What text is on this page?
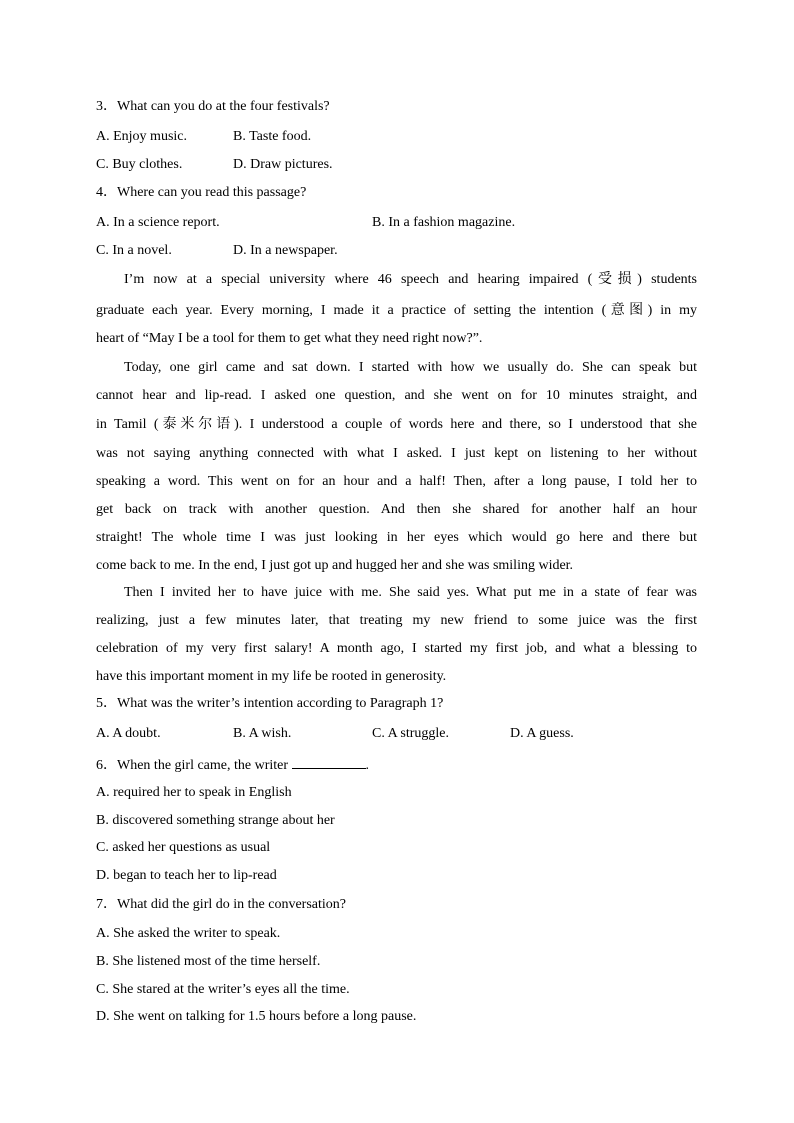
3．What can you do at the four festivals?
A. Enjoy music.	B. Taste food.
C. Buy clothes.	D. Draw pictures.
4．Where can you read this passage?
A. In a science report.	B. In a fashion magazine.
C. In a novel.	D. In a newspaper.
I’m now at a special university where 46 speech and hearing impaired (受损) students
graduate each year. Every morning, I made it a practice of setting the intention (意图) in my
heart of “May I be a tool for them to get what they need right now?”.
Today, one girl came and sat down. I started with how we usually do. She can speak but
cannot hear and lip-read. I asked one question, and she went on for 10 minutes straight, and
in Tamil (泰米尔语). I understood a couple of words here and there, so I understood that she
was not saying anything connected with what I asked. I just kept on listening to her without
speaking a word. This went on for an hour and a half! Then, after a long pause, I told her to
get back on track with another question. And then she shared for another half an hour
straight! The whole time I was just looking in her eyes which would go here and there but
come back to me. In the end, I just got up and hugged her and she was smiling wider.
Then I invited her to have juice with me. She said yes. What put me in a state of fear was
realizing, just a few minutes later, that treating my new friend to some juice was the first
celebration of my very first salary! A month ago, I started my first job, and what a blessing to
have this important moment in my life be rooted in generosity.
5．What was the writer’s intention according to Paragraph 1?
A. A doubt.	B. A wish.	C. A struggle.	D. A guess.
6．When the girl came, the writer	.
A. required her to speak in English
B. discovered something strange about her
C. asked her questions as usual
D. began to teach her to lip-read
7．What did the girl do in the conversation?
A. She asked the writer to speak.
B. She listened most of the time herself.
C. She stared at the writer’s eyes all the time.
D. She went on talking for 1.5 hours before a long pause.
